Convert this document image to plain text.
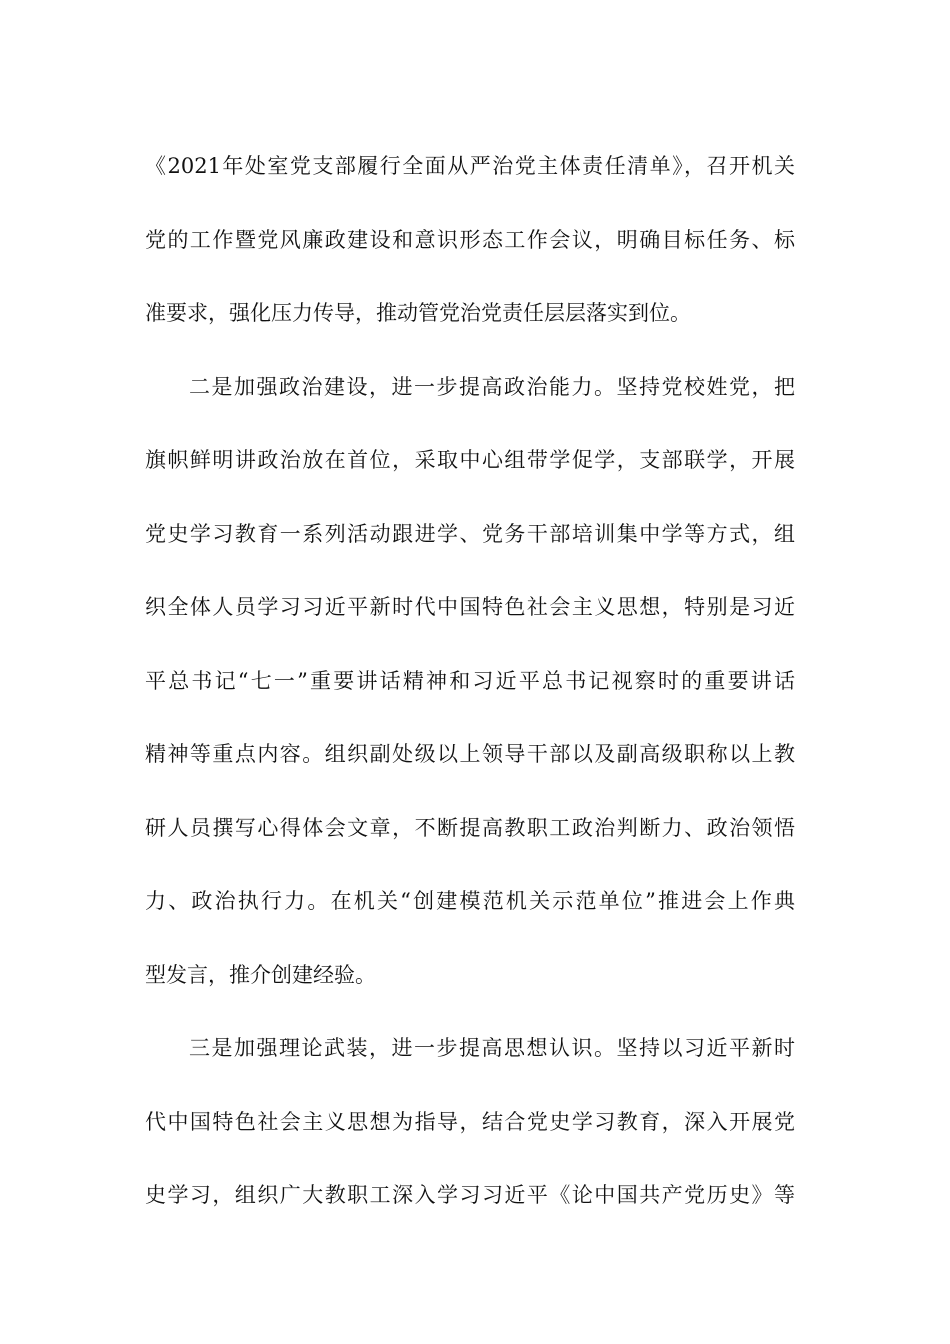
《2021年处室党支部履行全面从严治党主体责任清单》，召开机关
党的工作暨党风廉政建设和意识形态工作会议，明确目标任务、标
准要求，强化压力传导，推动管党治党责任层层落实到位。
二是加强政治建设，进一步提高政治能力。坚持党校姓党，把
旗帜鲜明讲政治放在首位，采取中心组带学促学，支部联学，开展
党史学习教育一系列活动跟进学、党务干部培训集中学等方式，组
织全体人员学习习近平新时代中国特色社会主义思想，特别是习近
平总书记“七一”重要讲话精神和习近平总书记视察时的重要讲话
精神等重点内容。组织副处级以上领导干部以及副高级职称以上教
研人员撰写心得体会文章，不断提高教职工政治判断力、政治领悟
力、政治执行力。在机关“创建模范机关示范单位”推进会上作典
型发言，推介创建经验。
三是加强理论武装，进一步提高思想认识。坚持以习近平新时
代中国特色社会主义思想为指导，结合党史学习教育，深入开展党
史学习，组织广大教职工深入学习习近平《论中国共产党历史》等
